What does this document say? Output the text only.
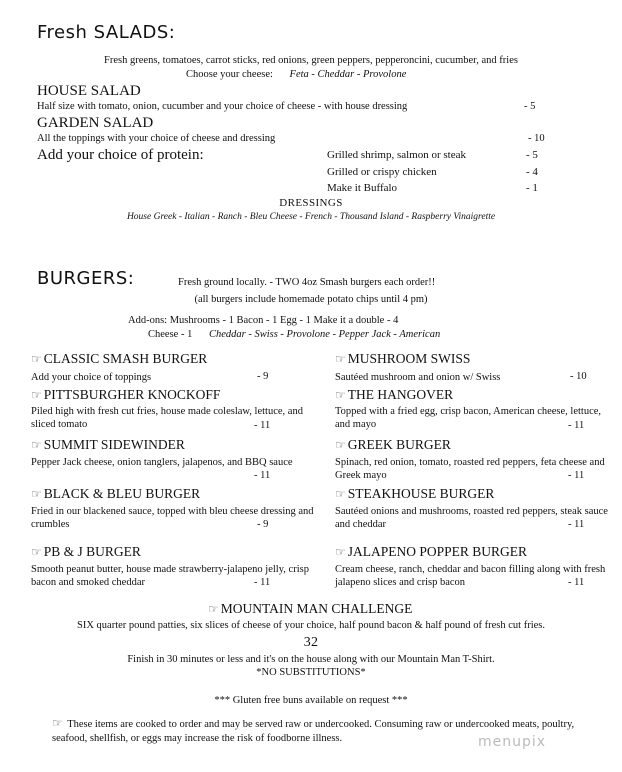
Fresh SALADS:
Fresh greens, tomatoes, carrot sticks, red onions, green peppers, pepperoncini, cucumber, and fries
Choose your cheese: Feta - Cheddar - Provolone
HOUSE SALAD
Half size with tomato, onion, cucumber and your choice of cheese - with house dressing	- 5
GARDEN SALAD
All the toppings with your choice of cheese and dressing	- 10
Add your choice of protein:	Grilled shrimp, salmon or steak	- 5
Grilled or crispy chicken	- 4
Make it Buffalo	- 1
DRESSINGS
House Greek - Italian - Ranch - Bleu Cheese - French - Thousand Island - Raspberry Vinaigrette
BURGERS:	Fresh ground locally. - TWO 4oz Smash burgers each order!!
(all burgers include homemade potato chips until 4 pm)
Add-ons: Mushrooms - 1 Bacon - 1 Egg - 1 Make it a double - 4
Cheese - 1 Cheddar - Swiss - Provolone - Pepper Jack - American
☞ CLASSIC SMASH BURGER
Add your choice of toppings	- 9
☞ PITTSBURGHER KNOCKOFF
Piled high with fresh cut fries, house made coleslaw, lettuce, and sliced tomato	- 11
☞ SUMMIT SIDEWINDER
Pepper Jack cheese, onion tanglers, jalapenos, and BBQ sauce
- 11
☞ BLACK & BLEU BURGER
Fried in our blackened sauce, topped with bleu cheese dressing and crumbles	- 9
☞ PB & J BURGER
Smooth peanut butter, house made strawberry-jalapeno jelly, crisp bacon and smoked cheddar	- 11
☞ MUSHROOM SWISS
Sautéed mushroom and onion w/ Swiss	- 10
☞ THE HANGOVER
Topped with a fried egg, crisp bacon, American cheese, lettuce, and mayo	- 11
☞ GREEK BURGER
Spinach, red onion, tomato, roasted red peppers, feta cheese and Greek mayo	- 11
☞ STEAKHOUSE BURGER
Sautéed onions and mushrooms, roasted red peppers, steak sauce and cheddar	- 11
☞ JALAPENO POPPER BURGER
Cream cheese, ranch, cheddar and bacon filling along with fresh jalapeno slices and crisp bacon	- 11
☞ MOUNTAIN MAN CHALLENGE
SIX quarter pound patties, six slices of cheese of your choice, half pound bacon & half pound of fresh cut fries.
32
Finish in 30 minutes or less and it's on the house along with our Mountain Man T-Shirt.
*NO SUBSTITUTIONS*
*** Gluten free buns available on request ***
☞ These items are cooked to order and may be served raw or undercooked. Consuming raw or undercooked meats, poultry, seafood, shellfish, or eggs may increase the risk of foodborne illness.	menupix
